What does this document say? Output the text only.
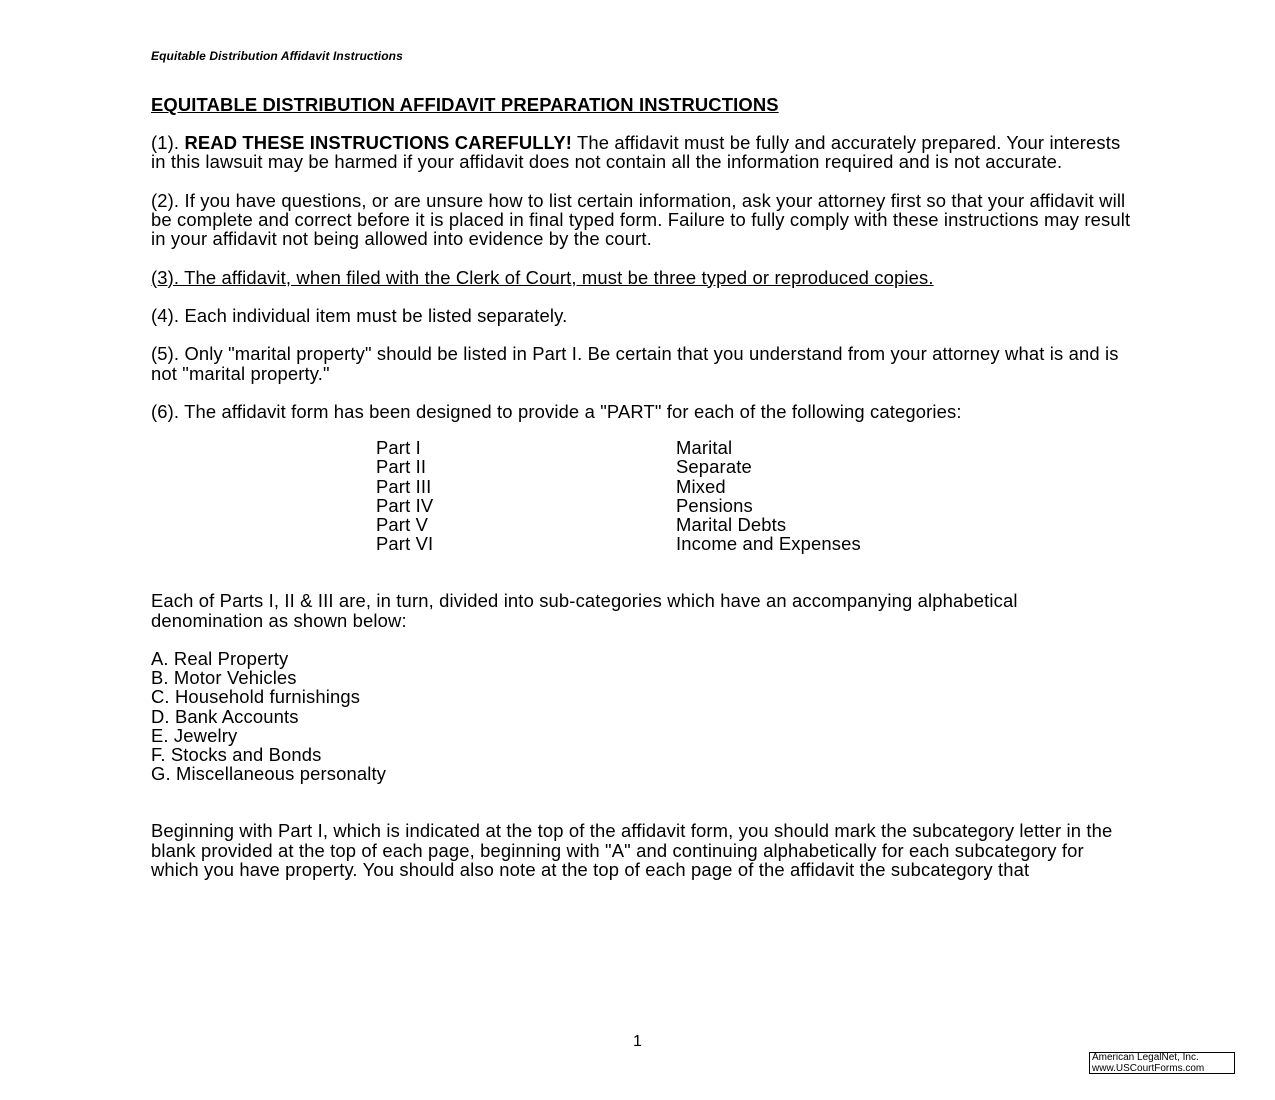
Equitable Distribution Affidavit Instructions
EQUITABLE DISTRIBUTION AFFIDAVIT PREPARATION INSTRUCTIONS
(1). READ THESE INSTRUCTIONS CAREFULLY! The affidavit must be fully and accurately prepared. Your interests in this lawsuit may be harmed if your affidavit does not contain all the information required and is not accurate.
(2). If you have questions, or are unsure how to list certain information, ask your attorney first so that your affidavit will be complete and correct before it is placed in final typed form. Failure to fully comply with these instructions may result in your affidavit not being allowed into evidence by the court.
(3). The affidavit, when filed with the Clerk of Court, must be three typed or reproduced copies.
(4). Each individual item must be listed separately.
(5). Only "marital property" should be listed in Part I. Be certain that you understand from your attorney what is and is not "marital property."
(6). The affidavit form has been designed to provide a "PART" for each of the following categories:
Part I	Marital
Part II	Separate
Part III	Mixed
Part IV	Pensions
Part V	Marital Debts
Part VI	Income and Expenses
Each of Parts I, II & III are, in turn, divided into sub-categories which have an accompanying alphabetical denomination as shown below:
A. Real Property
B. Motor Vehicles
C. Household furnishings
D. Bank Accounts
E. Jewelry
F. Stocks and Bonds
G. Miscellaneous personalty
Beginning with Part I, which is indicated at the top of the affidavit form, you should mark the subcategory letter in the blank provided at the top of each page, beginning with "A" and continuing alphabetically for each subcategory for which you have property. You should also note at the top of each page of the affidavit the subcategory that
1
American LegalNet, Inc.
www.USCourtForms.com
